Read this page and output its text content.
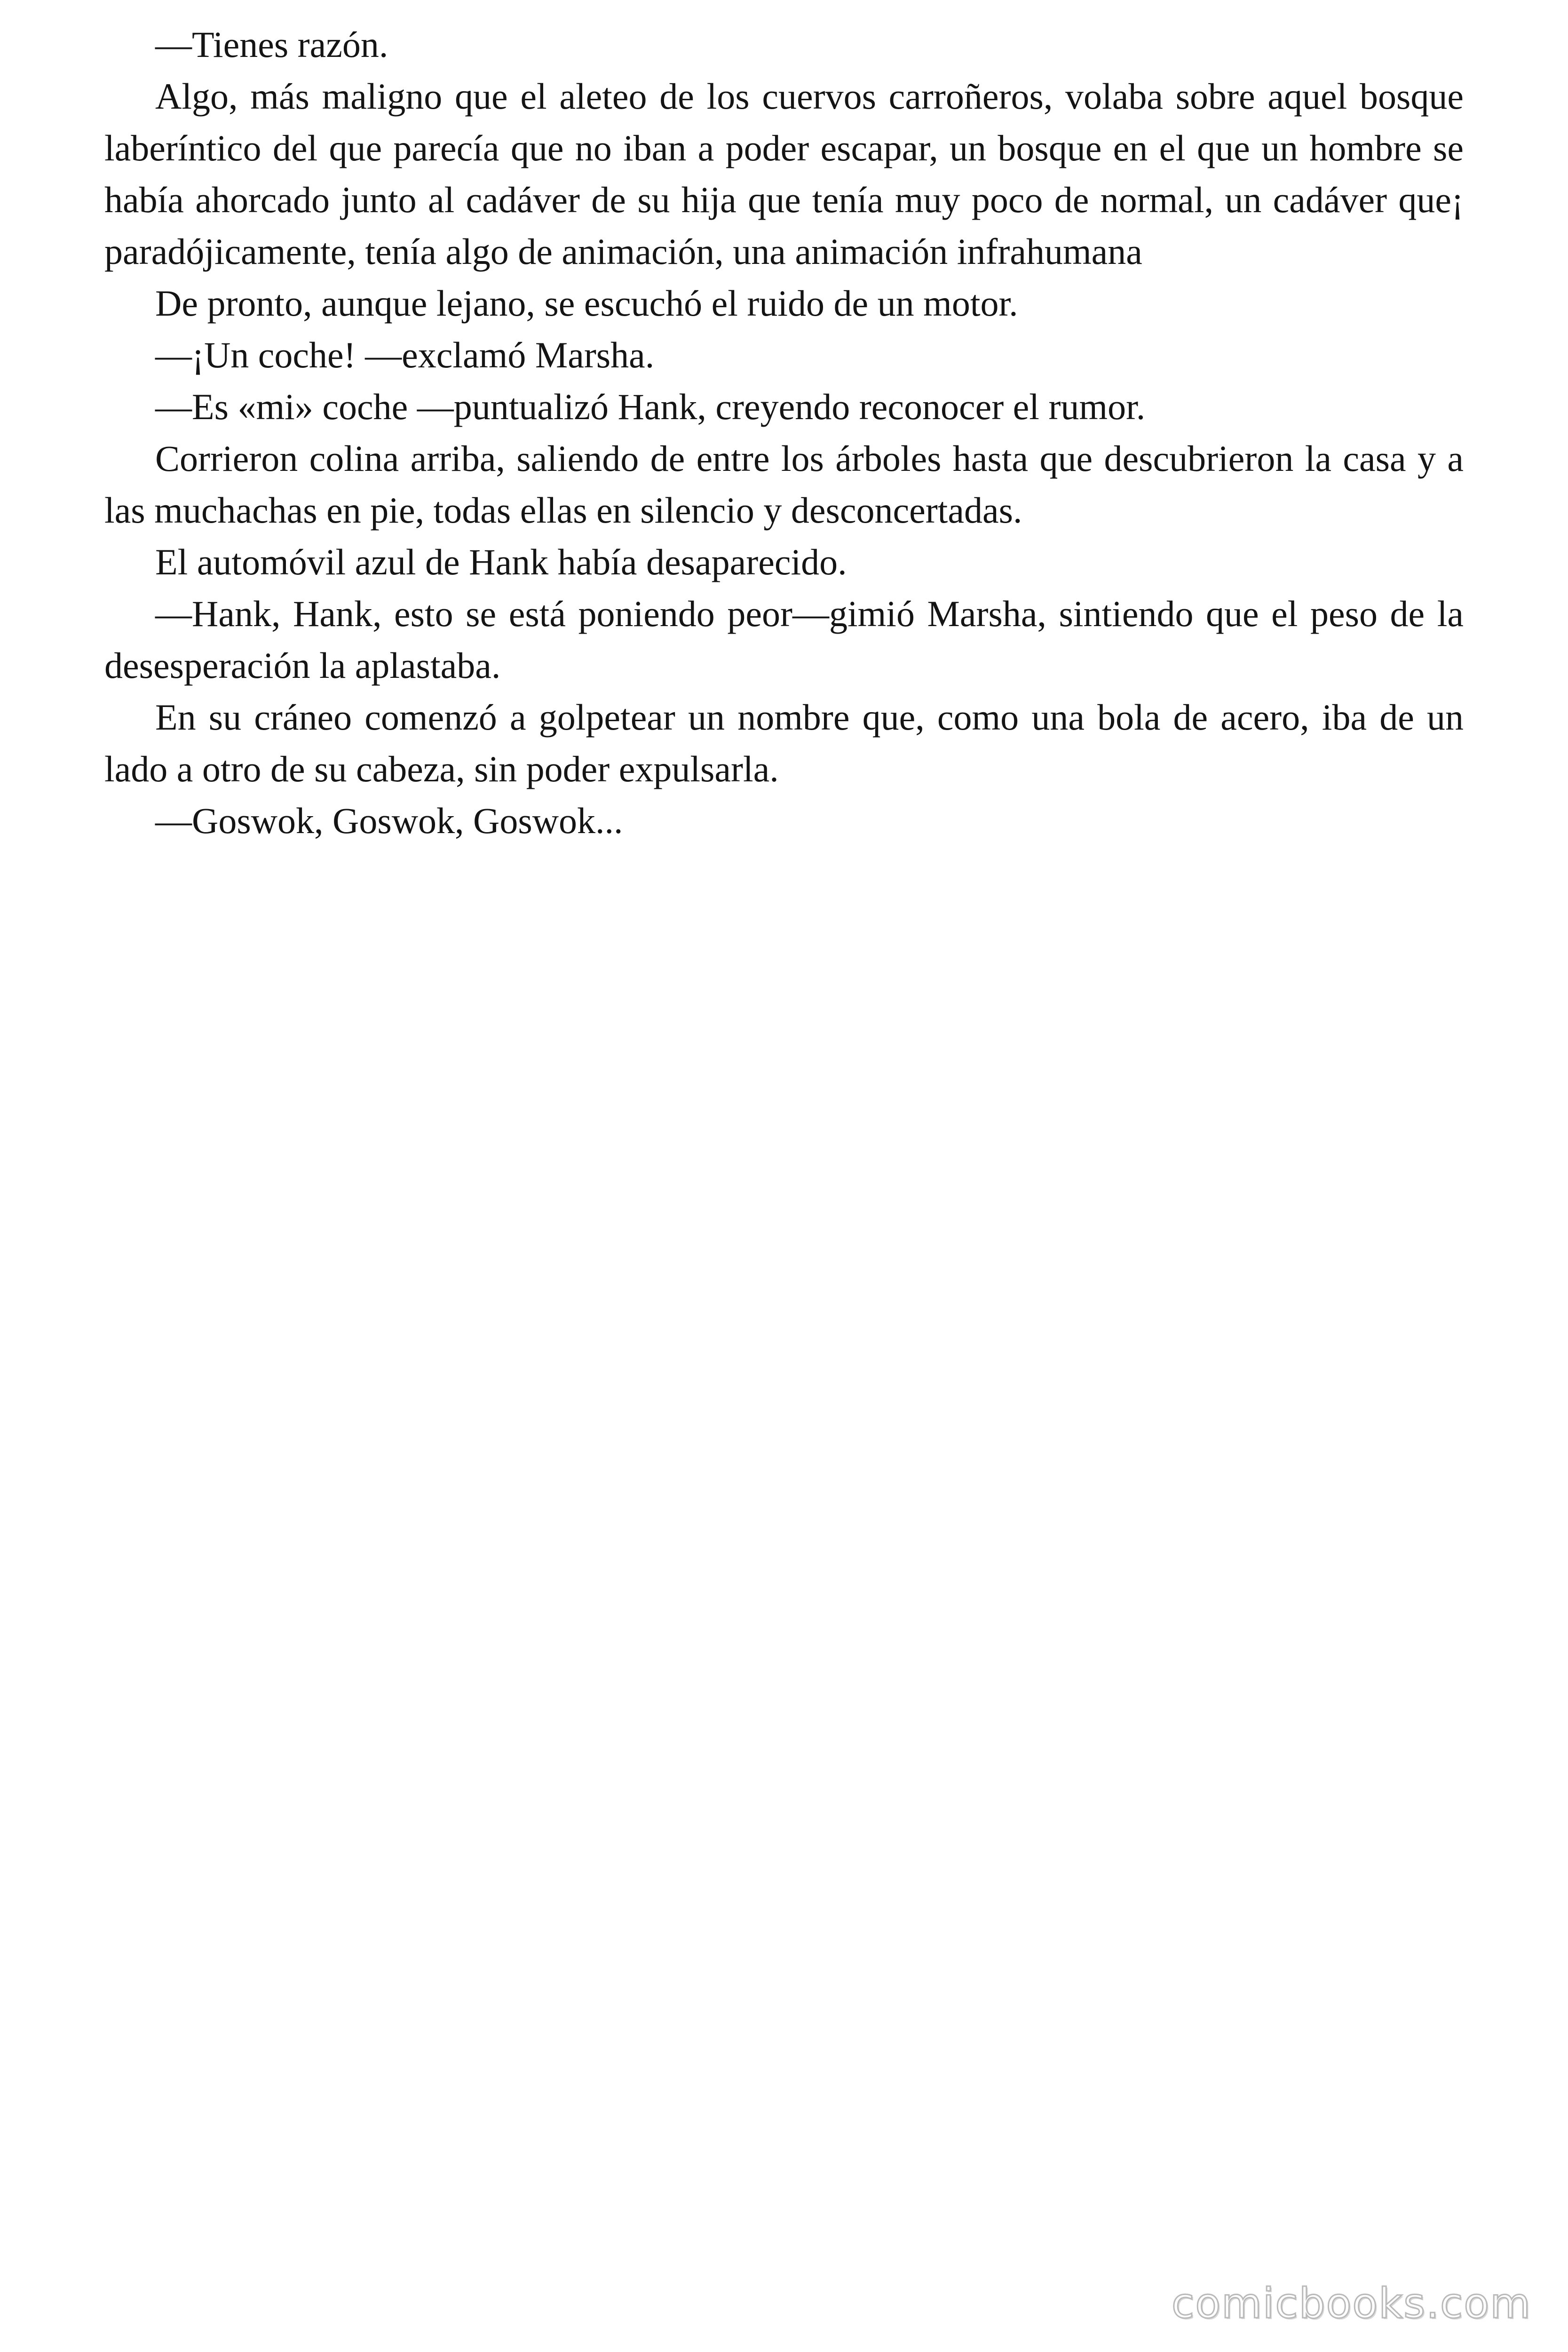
—Tienes razón.

Algo, más maligno que el aleteo de los cuervos carroñeros, volaba sobre aquel bosque laberíntico del que parecía que no iban a poder escapar, un bosque en el que un hombre se había ahorcado junto al cadáver de su hija que tenía muy poco de normal, un cadáver que¡ paradójicamente, tenía algo de animación, una animación infrahumana

De pronto, aunque lejano, se escuchó el ruido de un motor.

—¡Un coche! —exclamó Marsha.

—Es «mi» coche —puntualizó Hank, creyendo reconocer el rumor.

Corrieron colina arriba, saliendo de entre los árboles hasta que descubrieron la casa y a las muchachas en pie, todas ellas en silencio y desconcertadas.

El automóvil azul de Hank había desaparecido.

—Hank, Hank, esto se está poniendo peor—gimió Marsha, sintiendo que el peso de la desesperación la aplastaba.

En su cráneo comenzó a golpetear un nombre que, como una bola de acero, iba de un lado a otro de su cabeza, sin poder expulsarla.

—Goswok, Goswok, Goswok...

comicbooks.com
